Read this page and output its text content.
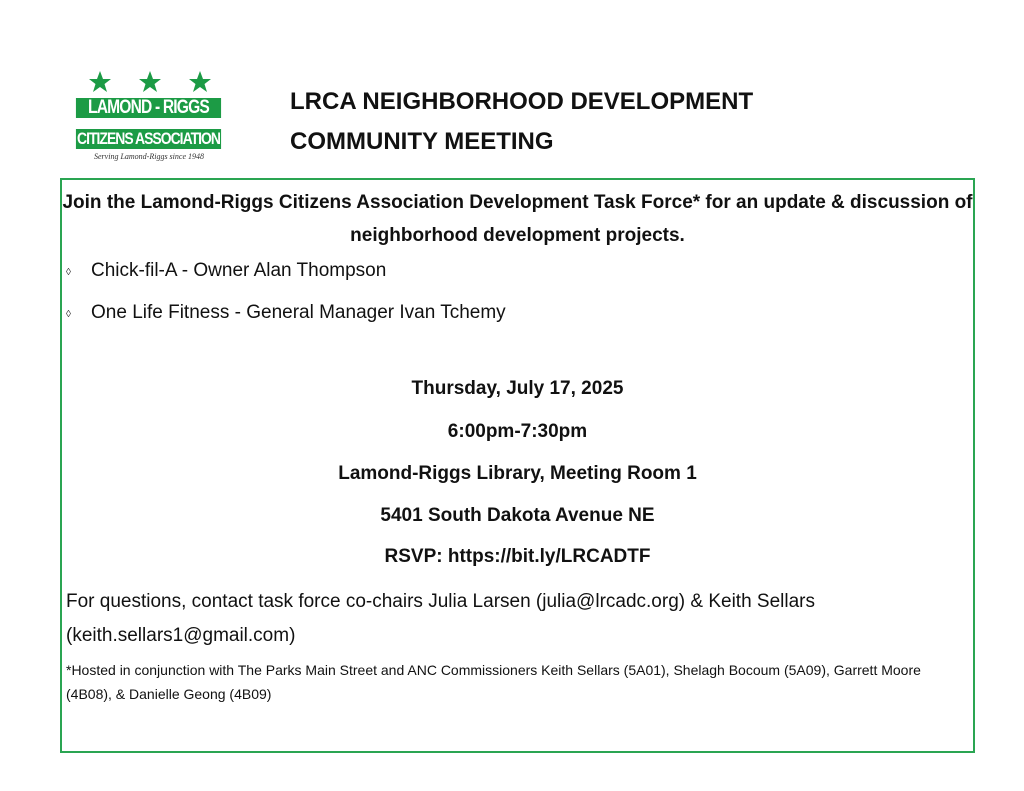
LAMOND - RIGGS
CITIZENS ASSOCIATION
Serving Lamond-Riggs since 1948
LRCA NEIGHBORHOOD DEVELOPMENT
COMMUNITY MEETING
Join the Lamond-Riggs Citizens Association Development Task Force* for an update & discussion of neighborhood development projects.
◊ Chick-fil-A - Owner Alan Thompson
◊ One Life Fitness - General Manager Ivan Tchemy
Thursday, July 17, 2025
6:00pm-7:30pm
Lamond-Riggs Library, Meeting Room 1
5401 South Dakota Avenue NE
RSVP: https://bit.ly/LRCADTF
For questions, contact task force co-chairs Julia Larsen (julia@lrcadc.org) & Keith Sellars (keith.sellars1@gmail.com)
*Hosted in conjunction with The Parks Main Street and ANC Commissioners Keith Sellars (5A01), Shelagh Bocoum (5A09), Garrett Moore (4B08), & Danielle Geong (4B09)
